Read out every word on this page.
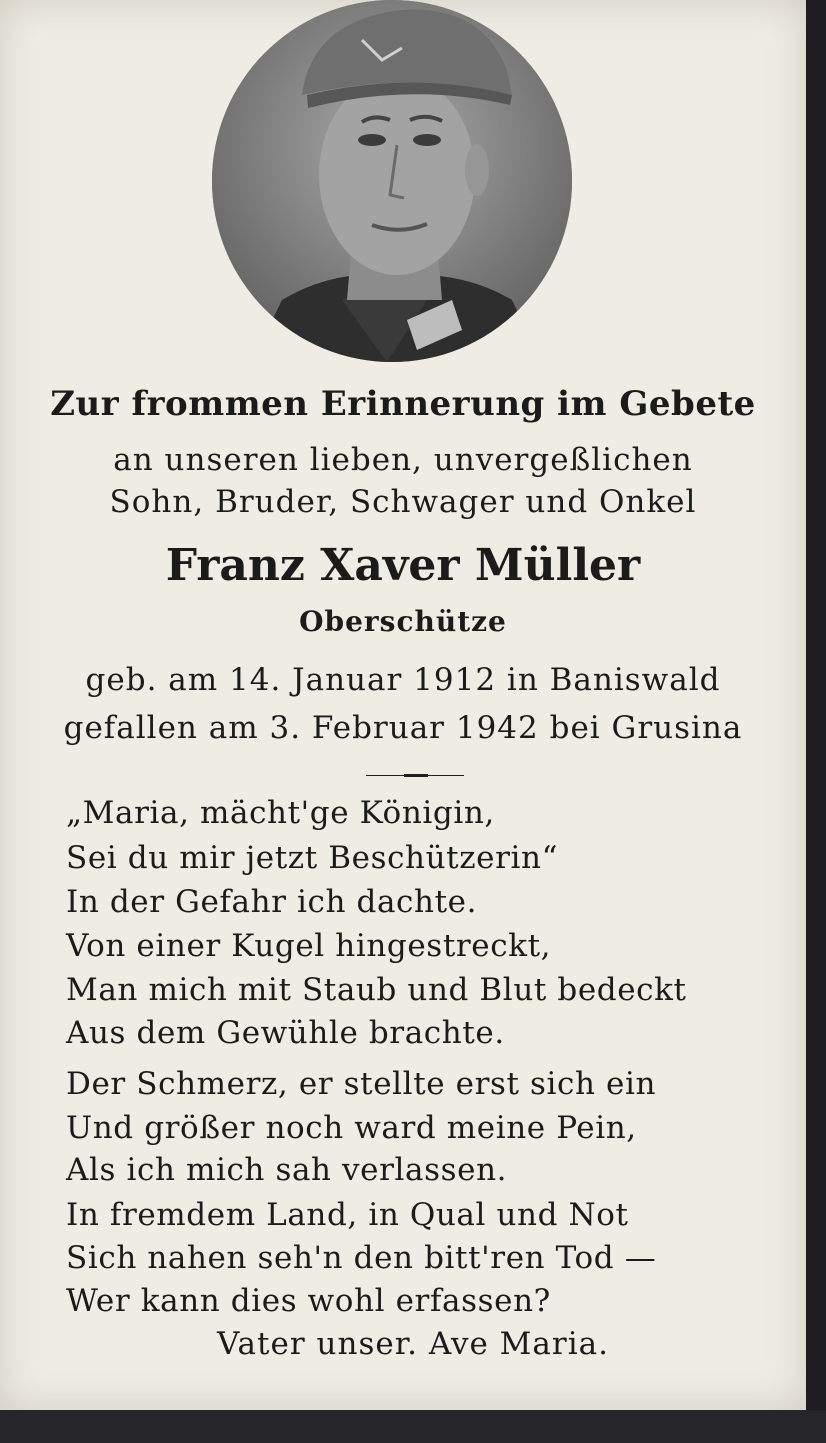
Zur frommen Erinnerung im Gebete
an unseren lieben, unvergeßlichen
Sohn, Bruder, Schwager und Onkel
Franz Xaver Müller
Oberschütze
geb. am 14. Januar 1912 in Baniswald
gefallen am 3. Februar 1942 bei Grusina
„Maria, mächt'ge Königin,
Sei du mir jetzt Beschützerin“
In der Gefahr ich dachte.
Von einer Kugel hingestreckt,
Man mich mit Staub und Blut bedeckt
Aus dem Gewühle brachte.
Der Schmerz, er stellte erst sich ein
Und größer noch ward meine Pein,
Als ich mich sah verlassen.
In fremdem Land, in Qual und Not
Sich nahen seh'n den bitt'ren Tod —
Wer kann dies wohl erfassen?
Vater unser. Ave Maria.
